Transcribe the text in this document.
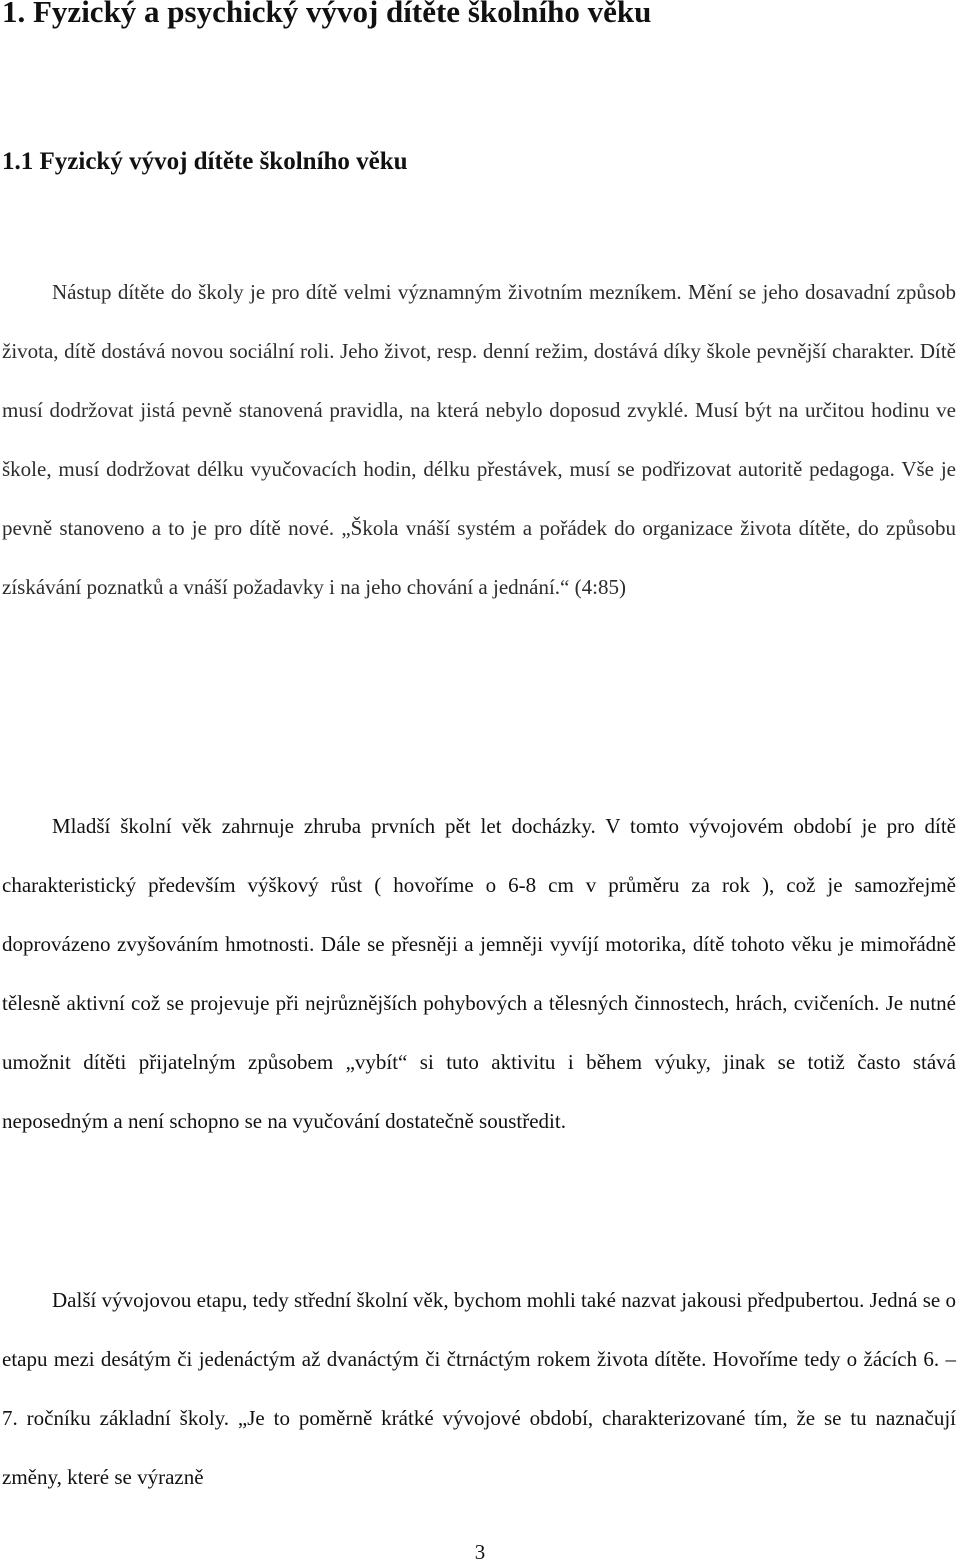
1. Fyzický a psychický vývoj dítěte školního věku
1.1 Fyzický vývoj dítěte školního věku

Nástup dítěte do školy je pro dítě velmi významným životním mezníkem. Mění se jeho dosavadní způsob života, dítě dostává novou sociální roli. Jeho život, resp. denní režim, dostává díky škole pevnější charakter. Dítě musí dodržovat jistá pevně stanovená pravidla, na která nebylo doposud zvyklé. Musí být na určitou hodinu ve škole, musí dodržovat délku vyučovacích hodin, délku přestávek, musí se podřizovat autoritě pedagoga. Vše je pevně stanoveno a to je pro dítě nové. „Škola vnáší systém a pořádek do organizace života dítěte, do způsobu získávání poznatků a vnáší požadavky i na jeho chování a jednání.“ (4:85)

Mladší školní věk zahrnuje zhruba prvních pět let docházky. V tomto vývojovém období je pro dítě charakteristický především výškový růst ( hovoříme o 6-8 cm v průměru za rok ), což je samozřejmě doprovázeno zvyšováním hmotnosti. Dále se přesněji a jemněji vyvíjí motorika, dítě tohoto věku je mimořádně tělesně aktivní což se projevuje při nejrůznějších pohybových a tělesných činnostech, hrách, cvičeních. Je nutné umožnit dítěti přijatelným způsobem „vybít“ si tuto aktivitu i během výuky, jinak se totiž často stává neposedným a není schopno se na vyučování dostatečně soustředit.

Další vývojovou etapu, tedy střední školní věk, bychom mohli také nazvat jakousi předpubertou. Jedná se o etapu mezi desátým či jedenáctým až dvanáctým či čtrnáctým rokem života dítěte. Hovoříme tedy o žácích 6. – 7. ročníku základní školy. „Je to poměrně krátké vývojové období, charakterizované tím, že se tu naznačují změny, které se výrazně

3
